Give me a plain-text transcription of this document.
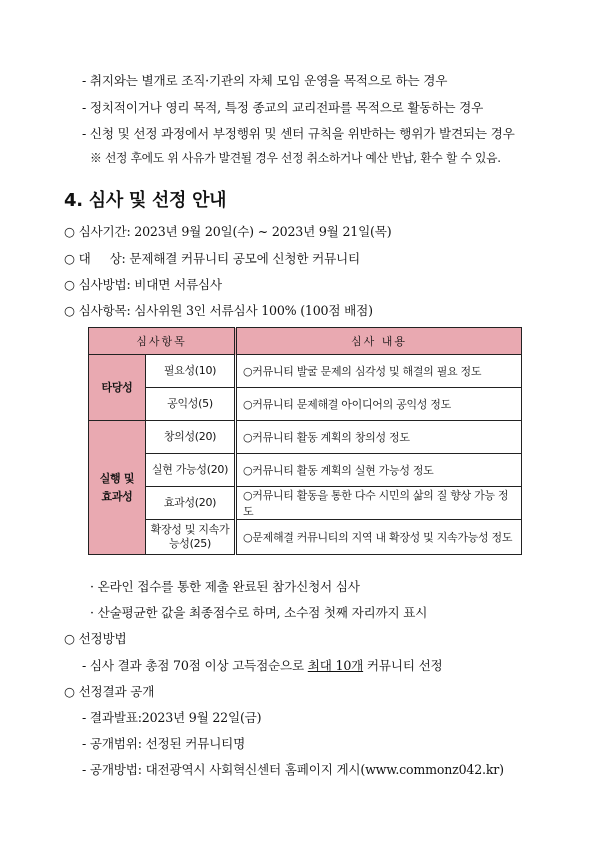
- 취지와는 별개로 조직·기관의 자체 모임 운영을 목적으로 하는 경우
- 정치적이거나 영리 목적, 특정 종교의 교리전파를 목적으로 활동하는 경우
- 신청 및 선정 과정에서 부정행위 및 센터 규칙을 위반하는 행위가 발견되는 경우
※ 선정 후에도 위 사유가 발견될 경우 선정 취소하거나 예산 반납, 환수 할 수 있음.
4. 심사 및 선정 안내
○ 심사기간: 2023년 9월 20일(수) ~ 2023년 9월 21일(목)
○ 대     상: 문제해결 커뮤니티 공모에 신청한 커뮤니티
○ 심사방법: 비대면 서류심사
○ 심사항목: 심사위원 3인 서류심사 100% (100점 배점)
심사항목		심사 내용
타당성	필요성(10)	○커뮤니티 발굴 문제의 심각성 및 해결의 필요 정도
	공익성(5)	○커뮤니티 문제해결 아이디어의 공익성 정도
실행 및 효과성	창의성(20)	○커뮤니티 활동 계획의 창의성 정도
	실현 가능성(20)	○커뮤니티 활동 계획의 실현 가능성 정도
	효과성(20)	○커뮤니티 활동을 통한 다수 시민의 삶의 질 향상 가능 정도
	확장성 및 지속가능성(25)	○문제해결 커뮤니티의 지역 내 확장성 및 지속가능성 정도
· 온라인 접수를 통한 제출 완료된 참가신청서 심사
· 산술평균한 값을 최종점수로 하며, 소수점 첫째 자리까지 표시
○ 선정방법
- 심사 결과 총점 70점 이상 고득점순으로 최대 10개 커뮤니티 선정
○ 선정결과 공개
- 결과발표:2023년 9월 22일(금)
- 공개범위: 선정된 커뮤니티명
- 공개방법: 대전광역시 사회혁신센터 홈페이지 게시(www.commonz042.kr)
